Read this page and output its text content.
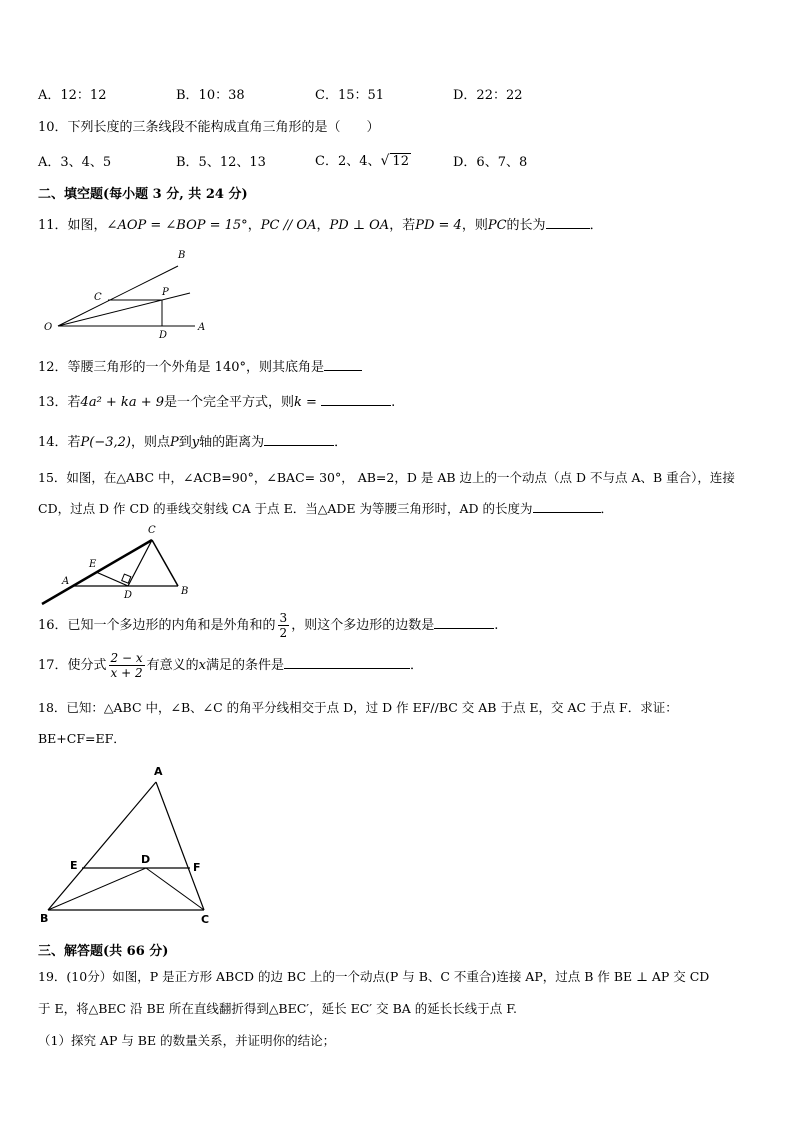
A．12：12	B．10：38	C．15：51	D．22：22
10．下列长度的三条线段不能构成直角三角形的是（　　）
A．3、4、5	B．5、12、13	C．2、4、√ 12	D．6、7、8
二、填空题(每小题 3 分, 共 24 分)
11．如图，∠AOP = ∠BOP = 15°，PC // OA，PD ⊥ OA，若PD = 4，则PC的长为	．
B
C	P
O
D
A
12．等腰三角形的一个外角是 140°，则其底角是
13．若4a² + ka + 9是一个完全平方式，则k =	.
14．若P(−3,2)，则点P到y轴的距离为	．
15．如图，在△ABC 中，∠ACB=90°，∠BAC= 30°， AB=2，D 是 AB 边上的一个动点（点 D 不与点 A、B 重合），连接
CD，过点 D 作 CD 的垂线交射线 CA 于点 E．当△ADE 为等腰三角形时，AD 的长度为	．
C
E
A
D	B
16．已知一个多边形的内角和是外角和的 $\frac{3}{2}$ ，则这个多边形的边数是	.
17．使分式 $\frac{2 - x}{x + 2}$ 有意义的x满足的条件是	．
18．已知：△ABC 中，∠B、∠C 的角平分线相交于点 D，过 D 作 EF//BC 交 AB 于点 E，交 AC 于点 F．求证：
BE+CF=EF．
A
E	D
F
B	C
三、解答题(共 66 分)
19．(10分）如图，P 是正方形 ABCD 的边 BC 上的一个动点(P 与 B、C 不重合)连接 AP，过点 B 作 BE ⊥ AP 交 CD
于 E，将△BEC 沿 BE 所在直线翻折得到△BEC′，延长 EC′ 交 BA 的延长长线于点 F.
（1）探究 AP 与 BE 的数量关系，并证明你的结论；
